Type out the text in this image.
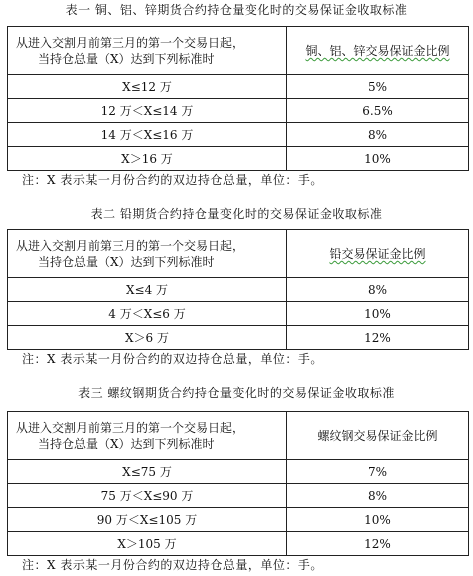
表一 铜、铝、锌期货合约持仓量变化时的交易保证金收取标准
从进入交割月前第三月的第一个交易日起，
当持仓总量（X）达到下列标准时	铜、铝、锌交易保证金比例
X≤12 万	5%
12 万＜X≤14 万	6.5%
14 万＜X≤16 万	8%
X＞16 万	10%
注：X 表示某一月份合约的双边持仓总量，单位：手。
表二 铅期货合约持仓量变化时的交易保证金收取标准
从进入交割月前第三月的第一个交易日起，
当持仓总量（X）达到下列标准时	铅交易保证金比例
X≤4 万	8%
4 万＜X≤6 万	10%
X＞6 万	12%
注：X 表示某一月份合约的双边持仓总量，单位：手。
表三 螺纹钢期货合约持仓量变化时的交易保证金收取标准
从进入交割月前第三月的第一个交易日起，
当持仓总量（X）达到下列标准时	螺纹钢交易保证金比例
X≤75 万	7%
75 万＜X≤90 万	8%
90 万＜X≤105 万	10%
X＞105 万	12%
注：X 表示某一月份合约的双边持仓总量，单位：手。
